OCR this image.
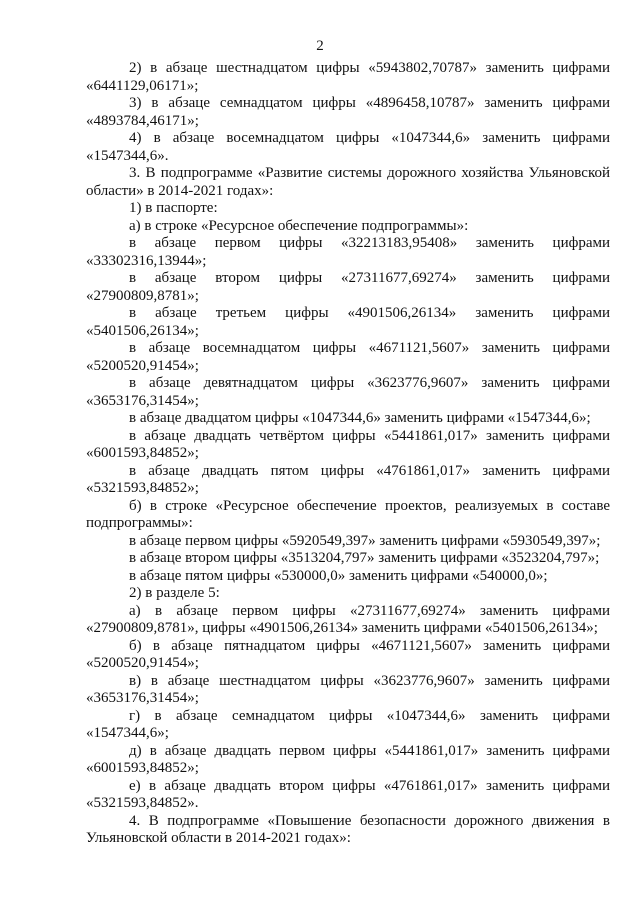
2

2) в абзаце шестнадцатом цифры «5943802,70787» заменить цифрами «6441129,06171»;

3) в абзаце семнадцатом цифры «4896458,10787» заменить цифрами «4893784,46171»;

4) в абзаце восемнадцатом цифры «1047344,6» заменить цифрами «1547344,6».

3. В подпрограмме «Развитие системы дорожного хозяйства Ульяновской области» в 2014-2021 годах»:

1) в паспорте:

а) в строке «Ресурсное обеспечение подпрограммы»:

в абзаце первом цифры «32213183,95408» заменить цифрами «33302316,13944»;

в абзаце втором цифры «27311677,69274» заменить цифрами «27900809,8781»;

в абзаце третьем цифры «4901506,26134» заменить цифрами «5401506,26134»;

в абзаце восемнадцатом цифры «4671121,5607» заменить цифрами «5200520,91454»;

в абзаце девятнадцатом цифры «3623776,9607» заменить цифрами «3653176,31454»;

в абзаце двадцатом цифры «1047344,6» заменить цифрами «1547344,6»;

в абзаце двадцать четвёртом цифры «5441861,017» заменить цифрами «6001593,84852»;

в абзаце двадцать пятом цифры «4761861,017» заменить цифрами «5321593,84852»;

б) в строке «Ресурсное обеспечение проектов, реализуемых в составе подпрограммы»:

в абзаце первом цифры «5920549,397» заменить цифрами «5930549,397»;

в абзаце втором цифры «3513204,797» заменить цифрами «3523204,797»;

в абзаце пятом цифры «530000,0» заменить цифрами «540000,0»;

2) в разделе 5:

а) в абзаце первом цифры «27311677,69274» заменить цифрами «27900809,8781», цифры «4901506,26134» заменить цифрами «5401506,26134»;

б) в абзаце пятнадцатом цифры «4671121,5607» заменить цифрами «5200520,91454»;

в) в абзаце шестнадцатом цифры «3623776,9607» заменить цифрами «3653176,31454»;

г) в абзаце семнадцатом цифры «1047344,6» заменить цифрами «1547344,6»;

д) в абзаце двадцать первом цифры «5441861,017» заменить цифрами «6001593,84852»;

е) в абзаце двадцать втором цифры «4761861,017» заменить цифрами «5321593,84852».

4. В подпрограмме «Повышение безопасности дорожного движения в Ульяновской области в 2014-2021 годах»:
